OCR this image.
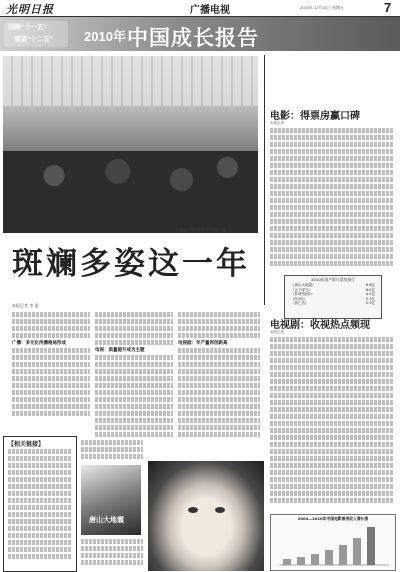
光明日报	广播电视	2010年 12月31日 星期五	7
回顾“十一五”
展望“十二五” 2010年 中国成长报告
春运火车站售票大厅前的人群
斑斓多姿这一年
本报记者 李 蕾
广播：多元化传播格局形成
电视：质量提升成为主题
电视剧：年产量再创新高
电影：得票房赢口碑
本报记者
2010年国产影片票房排行
《唐山大地震》	6.6亿
《让子弹飞》	6.0亿
《非诚勿扰2》	4.5亿
《叶问2》	2.3亿
《狄仁杰》	2.9亿
电视剧：收视热点频现
本报记者
【相关链接】
唐山大地震	2004—2010年中国电影票房收入增长图
